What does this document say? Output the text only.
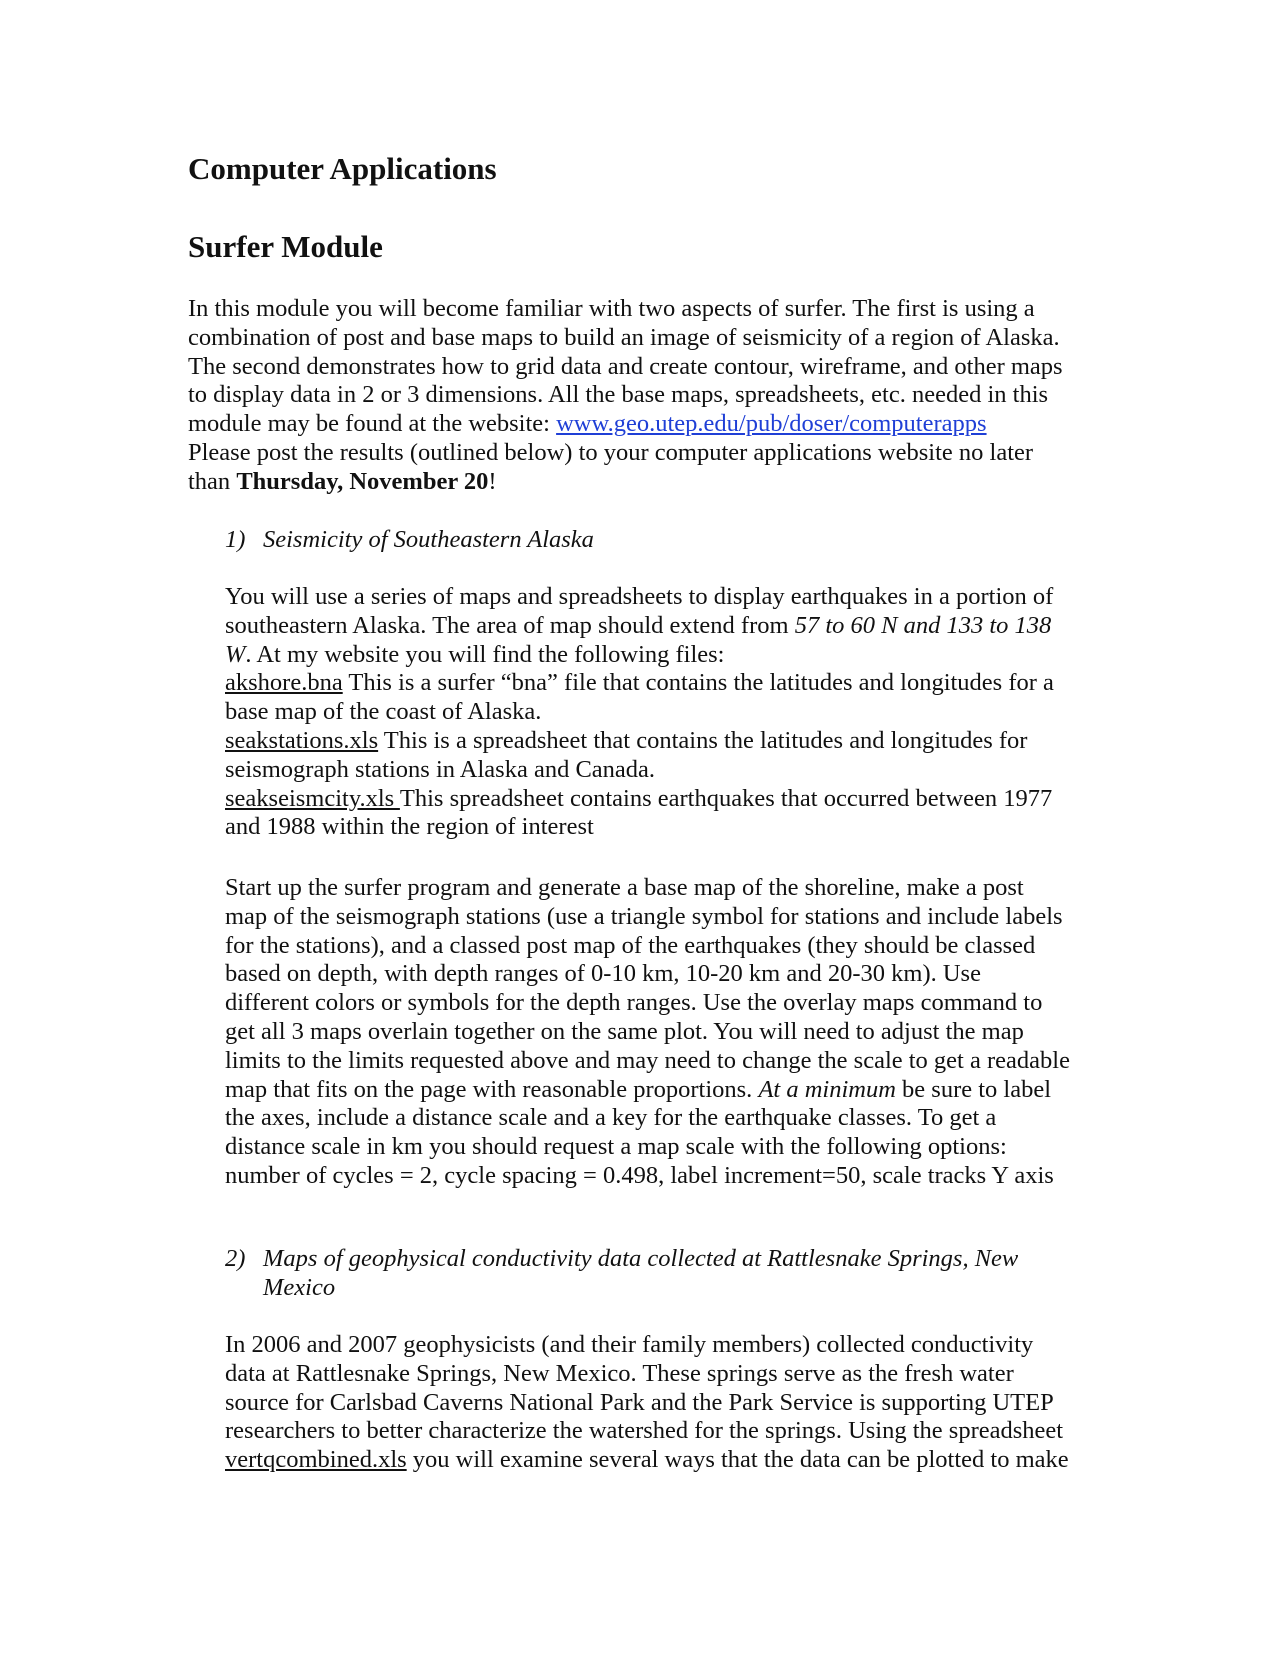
Computer Applications
Surfer Module
In this module you will become familiar with two aspects of surfer. The first is using a
combination of post and base maps to build an image of seismicity of a region of Alaska.
The second demonstrates how to grid data and create contour, wireframe, and other maps
to display data in 2 or 3 dimensions. All the base maps, spreadsheets, etc. needed in this
module may be found at the website: www.geo.utep.edu/pub/doser/computerapps
Please post the results (outlined below) to your computer applications website no later
than Thursday, November 20!
1) Seismicity of Southeastern Alaska
You will use a series of maps and spreadsheets to display earthquakes in a portion of
southeastern Alaska. The area of map should extend from 57 to 60 N and 133 to 138
W. At my website you will find the following files:
akshore.bna This is a surfer “bna” file that contains the latitudes and longitudes for a
base map of the coast of Alaska.
seakstations.xls This is a spreadsheet that contains the latitudes and longitudes for
seismograph stations in Alaska and Canada.
seakseismcity.xls This spreadsheet contains earthquakes that occurred between 1977
and 1988 within the region of interest
Start up the surfer program and generate a base map of the shoreline, make a post
map of the seismograph stations (use a triangle symbol for stations and include labels
for the stations), and a classed post map of the earthquakes (they should be classed
based on depth, with depth ranges of 0-10 km, 10-20 km and 20-30 km). Use
different colors or symbols for the depth ranges. Use the overlay maps command to
get all 3 maps overlain together on the same plot. You will need to adjust the map
limits to the limits requested above and may need to change the scale to get a readable
map that fits on the page with reasonable proportions. At a minimum be sure to label
the axes, include a distance scale and a key for the earthquake classes. To get a
distance scale in km you should request a map scale with the following options:
number of cycles = 2, cycle spacing = 0.498, label increment=50, scale tracks Y axis
2) Maps of geophysical conductivity data collected at Rattlesnake Springs, New
Mexico
In 2006 and 2007 geophysicists (and their family members) collected conductivity
data at Rattlesnake Springs, New Mexico. These springs serve as the fresh water
source for Carlsbad Caverns National Park and the Park Service is supporting UTEP
researchers to better characterize the watershed for the springs. Using the spreadsheet
vertqcombined.xls you will examine several ways that the data can be plotted to make
